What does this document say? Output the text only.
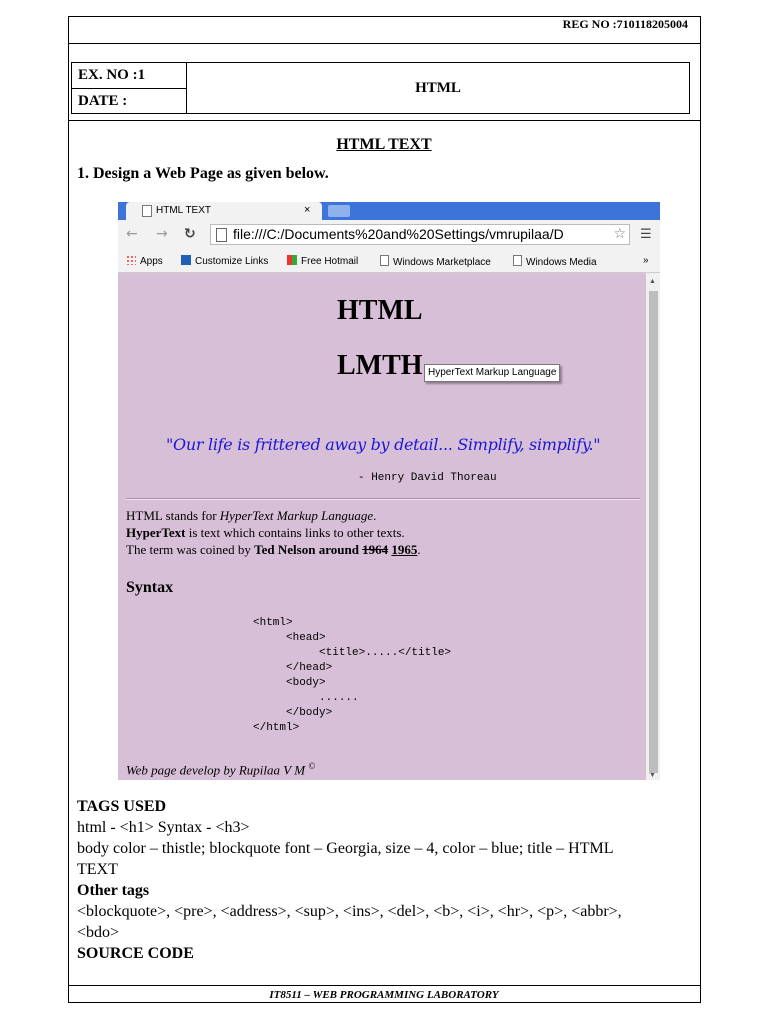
REG NO :710118205004
EX. NO :1
DATE :
HTML
HTML TEXT
1. Design a Web Page as given below.
HTML TEXT	×
← → ↻	file:///C:/Documents%20and%20Settings/vmrupilaa/D	☆ ☰
Apps	Customize Links	Free Hotmail	Windows Marketplace	Windows Media	»
HTML
LMTH HyperText Markup Language
"Our life is frittered away by detail... Simplify, simplify."
- Henry David Thoreau
HTML stands for HyperText Markup Language.
HyperText is text which contains links to other texts.
The term was coined by Ted Nelson around 1964 1965.
Syntax
<html>
<head>
<title>.....</title>
</head>
<body>
......
</body>
</html>
Web page develop by Rupilaa V M ©
▲
▼
TAGS USED
html - <h1> Syntax - <h3>
body color – thistle; blockquote font – Georgia, size – 4, color – blue; title – HTML
TEXT
Other tags
<blockquote>, <pre>, <address>, <sup>, <ins>, <del>, <b>, <i>, <hr>, <p>, <abbr>,
<bdo>
SOURCE CODE
IT8511 – WEB PROGRAMMING LABORATORY
